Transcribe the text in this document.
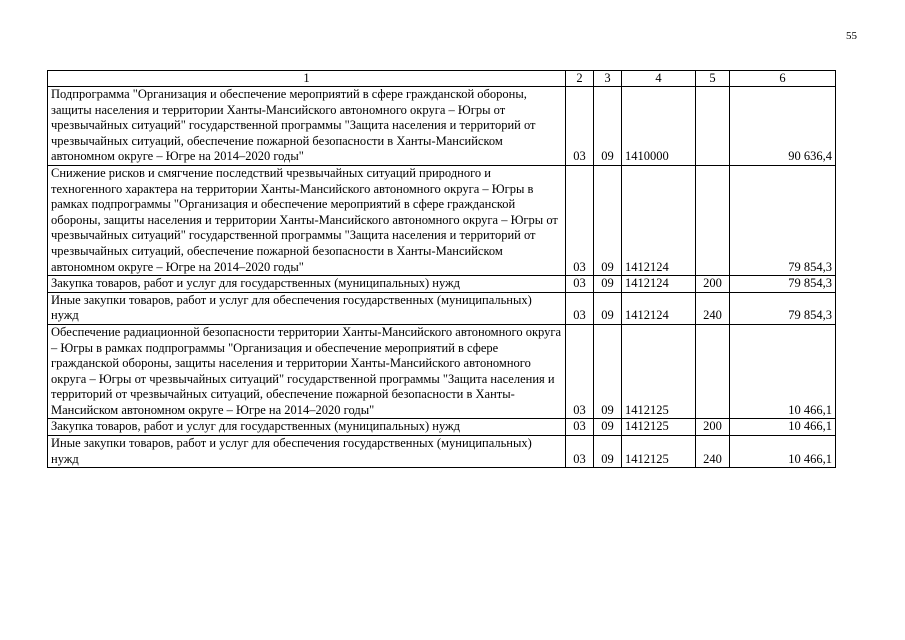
55
1	2	3	4	5	6
Подпрограмма "Организация и обеспечение мероприятий в сфере гражданской обороны, защиты населения и территории Ханты-Мансийского автономного округа – Югры от чрезвычайных ситуаций" государственной программы "Защита населения и территорий от чрезвычайных ситуаций, обеспечение пожарной безопасности в Ханты-Мансийском автономном округе – Югре на 2014–2020 годы"	03	09	1410000		90 636,4
Снижение рисков и смягчение последствий чрезвычайных ситуаций природного и техногенного характера на территории Ханты-Мансийского автономного округа – Югры в рамках подпрограммы "Организация и обеспечение мероприятий в сфере гражданской обороны, защиты населения и территории Ханты-Мансийского автономного округа – Югры от чрезвычайных ситуаций" государственной программы "Защита населения и территорий от чрезвычайных ситуаций, обеспечение пожарной безопасности в Ханты-Мансийском автономном округе – Югре на 2014–2020 годы"	03	09	1412124		79 854,3
Закупка товаров, работ и услуг для государственных (муниципальных) нужд	03	09	1412124	200	79 854,3
Иные закупки товаров, работ и услуг для обеспечения государственных (муниципальных) нужд	03	09	1412124	240	79 854,3
Обеспечение радиационной безопасности территории Ханты-Мансийского автономного округа – Югры в рамках подпрограммы "Организация и обеспечение мероприятий в сфере гражданской обороны, защиты населения и территории Ханты-Мансийского автономного округа – Югры от чрезвычайных ситуаций" государственной программы "Защита населения и территорий от чрезвычайных ситуаций, обеспечение пожарной безопасности в Ханты-Мансийском автономном округе – Югре на 2014–2020 годы"	03	09	1412125		10 466,1
Закупка товаров, работ и услуг для государственных (муниципальных) нужд	03	09	1412125	200	10 466,1
Иные закупки товаров, работ и услуг для обеспечения государственных (муниципальных) нужд	03	09	1412125	240	10 466,1
